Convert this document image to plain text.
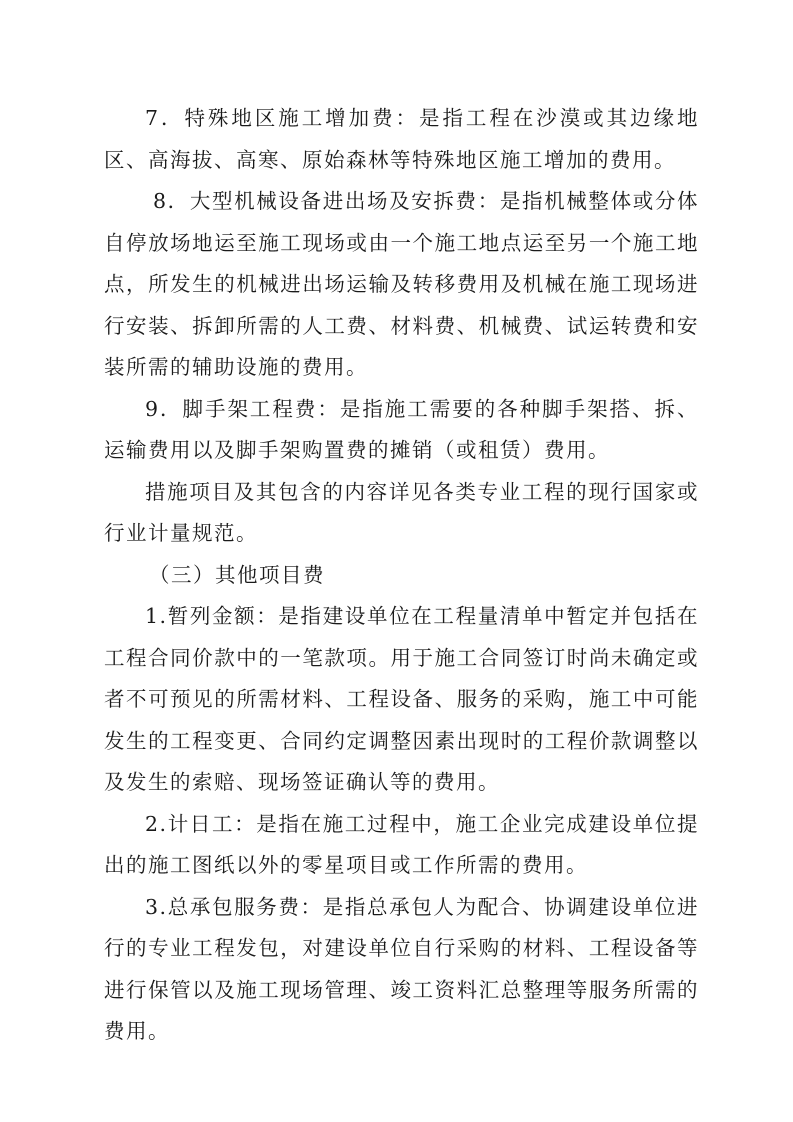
7．特殊地区施工增加费：是指工程在沙漠或其边缘地区、高海拔、高寒、原始森林等特殊地区施工增加的费用。

8．大型机械设备进出场及安拆费：是指机械整体或分体自停放场地运至施工现场或由一个施工地点运至另一个施工地点，所发生的机械进出场运输及转移费用及机械在施工现场进行安装、拆卸所需的人工费、材料费、机械费、试运转费和安装所需的辅助设施的费用。

9．脚手架工程费：是指施工需要的各种脚手架搭、拆、运输费用以及脚手架购置费的摊销（或租赁）费用。

措施项目及其包含的内容详见各类专业工程的现行国家或行业计量规范。

（三）其他项目费

1.暂列金额：是指建设单位在工程量清单中暂定并包括在工程合同价款中的一笔款项。用于施工合同签订时尚未确定或者不可预见的所需材料、工程设备、服务的采购，施工中可能发生的工程变更、合同约定调整因素出现时的工程价款调整以及发生的索赔、现场签证确认等的费用。

2.计日工：是指在施工过程中，施工企业完成建设单位提出的施工图纸以外的零星项目或工作所需的费用。

3.总承包服务费：是指总承包人为配合、协调建设单位进行的专业工程发包，对建设单位自行采购的材料、工程设备等进行保管以及施工现场管理、竣工资料汇总整理等服务所需的费用。
